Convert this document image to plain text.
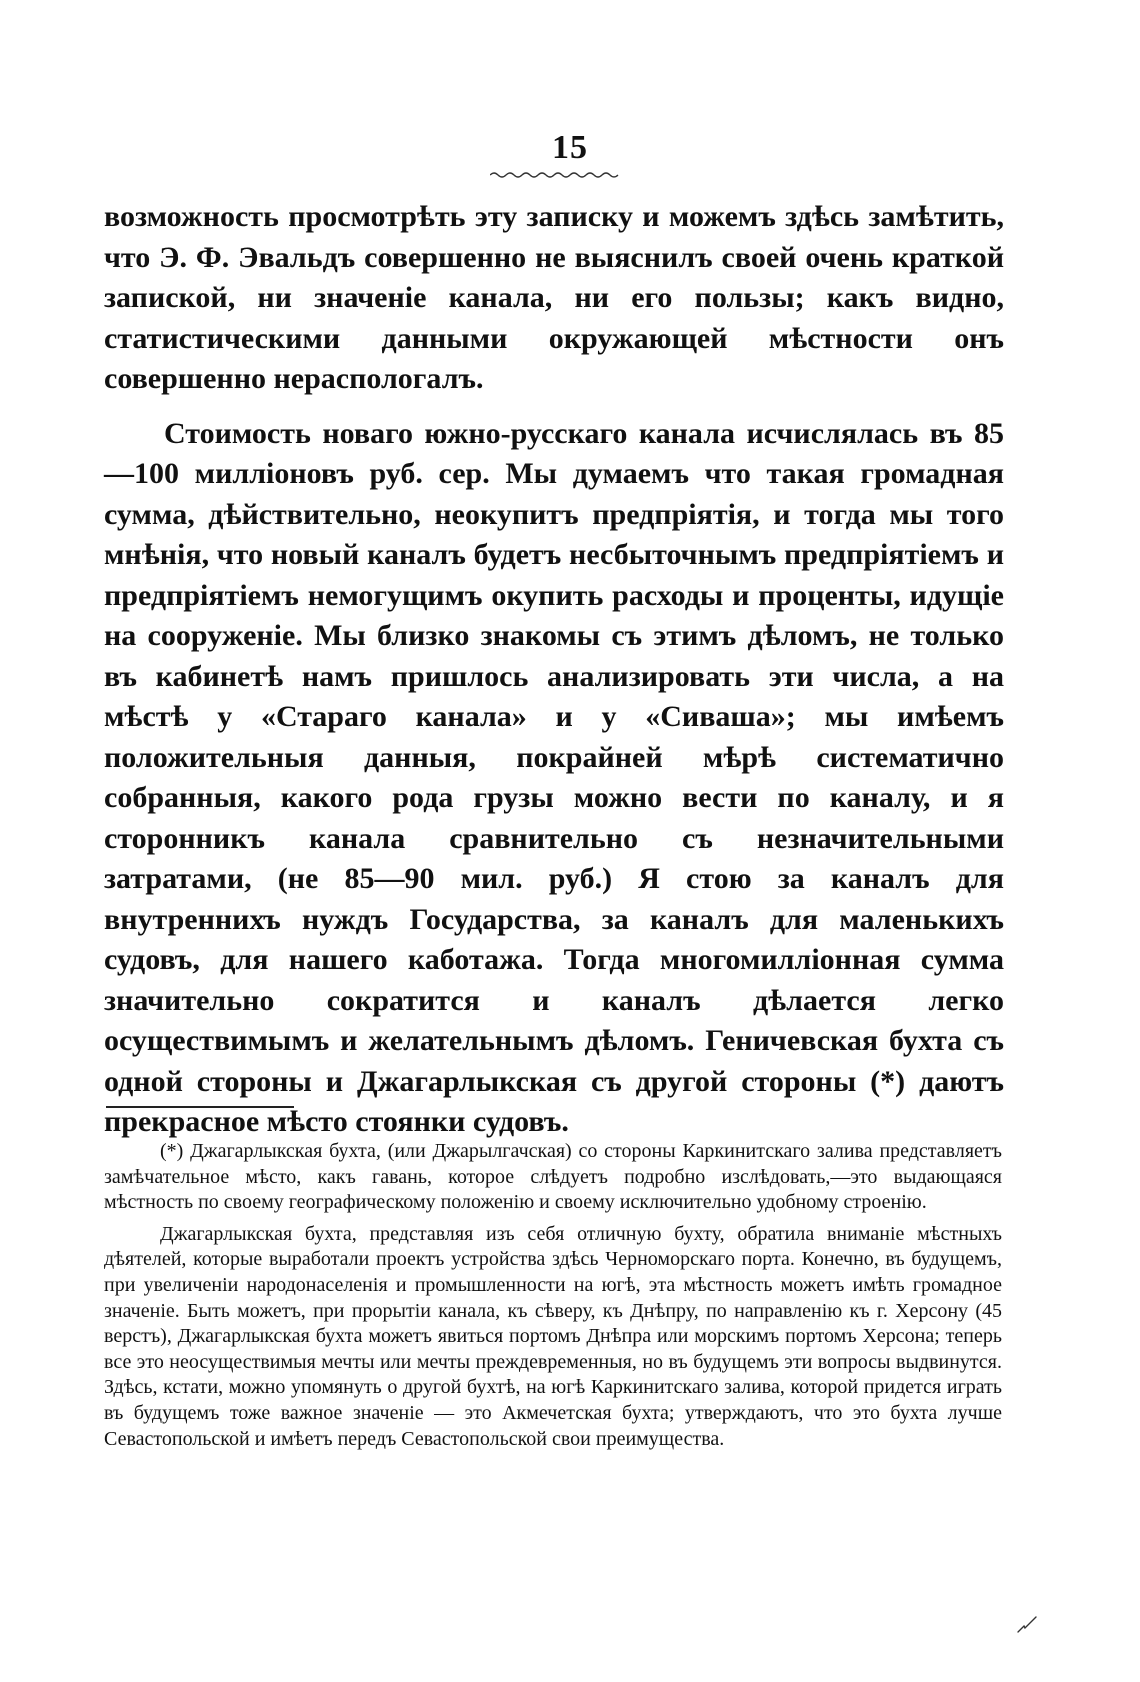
15

возможность просмотрѣть эту записку и можемъ здѣсь замѣтить, что Э. Ф. Эвальдъ совершенно не выяснилъ своей очень краткой запиской, ни значеніе канала, ни его пользы; какъ видно, статистическими данными окружающей мѣстности онъ совершенно нераспологалъ.

Стоимость новаго южно-русскаго канала исчислялась въ 85—100 милліоновъ руб. сер. Мы думаемъ что такая громадная сумма, дѣйствительно, неокупитъ предпріятія, и тогда мы того мнѣнія, что новый каналъ будетъ несбыточнымъ предпріятіемъ и предпріятіемъ немогущимъ окупить расходы и проценты, идущіе на сооруженіе. Мы близко знакомы съ этимъ дѣломъ, не только въ кабинетѣ намъ пришлось анализировать эти числа, а на мѣстѣ у «Стараго канала» и у «Сиваша»; мы имѣемъ положительныя данныя, покрайней мѣрѣ систематично собранныя, какого рода грузы можно вести по каналу, и я сторонникъ канала сравнительно съ незначительными затратами, (не 85—90 мил. руб.) Я стою за каналъ для внутреннихъ нуждъ Государства, за каналъ для маленькихъ судовъ, для нашего каботажа. Тогда многомилліонная сумма значительно сократится и каналъ дѣлается легко осуществимымъ и желательнымъ дѣломъ. Геничевская бухта съ одной стороны и Джагарлыкская съ другой стороны (*) даютъ прекрасное мѣсто стоянки судовъ.

(*) Джагарлыкская бухта, (или Джарылгачская) со стороны Каркинитскаго залива представляетъ замѣчательное мѣсто, какъ гавань, которое слѣдуетъ подробно изслѣдовать,—это выдающаяся мѣстность по своему географическому положенію и своему исключительно удобному строенію.

Джагарлыкская бухта, представляя изъ себя отличную бухту, обратила вниманіе мѣстныхъ дѣятелей, которые выработали проектъ устройства здѣсь Черноморскаго порта. Конечно, въ будущемъ, при увеличеніи народонаселенія и промышленности на югѣ, эта мѣстность можетъ имѣть громадное значеніе. Быть можетъ, при прорытіи канала, къ сѣверу, къ Днѣпру, по направленію къ г. Херсону (45 верстъ), Джагарлыкская бухта можетъ явиться портомъ Днѣпра или морскимъ портомъ Херсона; теперь все это неосуществимыя мечты или мечты преждевременныя, но въ будущемъ эти вопросы выдвинутся. Здѣсь, кстати, можно упомянуть о другой бухтѣ, на югѣ Каркинитскаго залива, которой придется играть въ будущемъ тоже важное значеніе — это Акмечетская бухта; утверждаютъ, что это бухта лучше Севастопольской и имѣетъ передъ Севастопольской свои преимущества.
